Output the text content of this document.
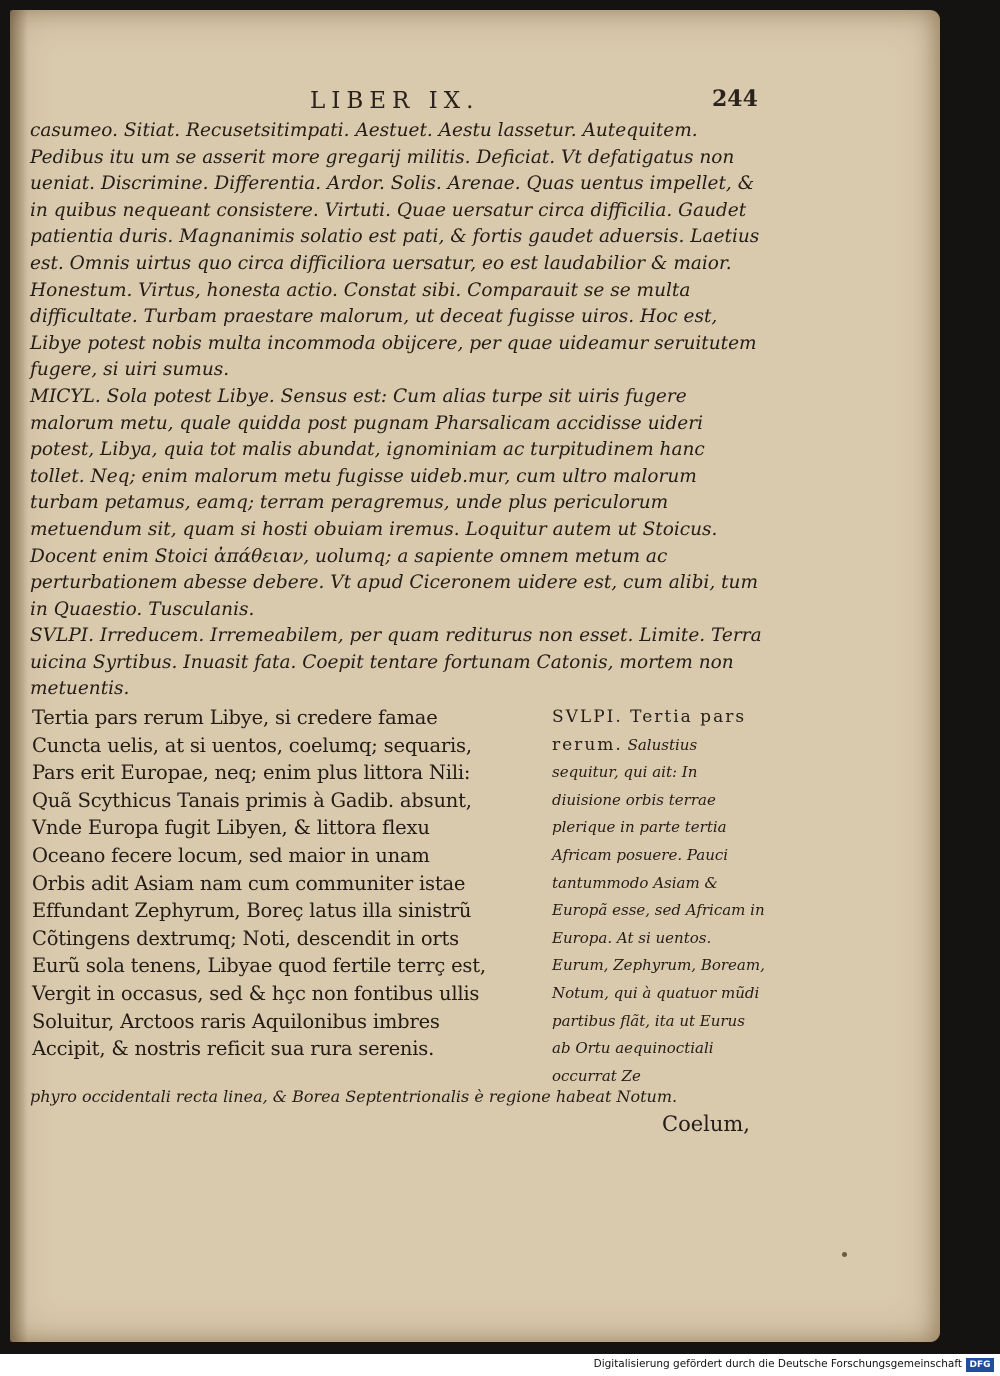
LIBER IX.	244

casumeo. Sitiat. Recusetsitimpati. Aestuet. Aestu lassetur. Autequitem. Pedibus itu um se asserit more gregarij militis. Deficiat. Vt defatigatus non ueniat. Discrimine. Differentia. Ardor. Solis. Arenae. Quas uentus impellet, & in quibus nequeant consistere. Virtuti. Quae uersatur circa difficilia. Gaudet patientia duris. Magnanimis solatio est pati, & fortis gaudet aduersis. Laetius est. Omnis uirtus quo circa difficiliora uersatur, eo est laudabilior & maior. Honestum. Virtus, honesta actio. Constat sibi. Comparauit se se multa difficultate. Turbam praestare malorum, ut deceat fugisse uiros. Hoc est, Libye potest nobis multa incommoda obijcere, per quae uideamur seruitutem fugere, si uiri sumus.

MICYL. Sola potest Libye. Sensus est: Cum alias turpe sit uiris fugere malorum metu, quale quidda post pugnam Pharsalicam accidisse uideri potest, Libya, quia tot malis abundat, ignominiam ac turpitudinem hanc tollet. Neq; enim malorum metu fugisse uideb.mur, cum ultro malorum turbam petamus, eamq; terram peragremus, unde plus periculorum metuendum sit, quam si hosti obuiam iremus. Loquitur autem ut Stoicus. Docent enim Stoici ἀπάθειαν, uolumq; a sapiente omnem metum ac perturbationem abesse debere. Vt apud Ciceronem uidere est, cum alibi, tum in Quaestio. Tusculanis.

SVLPI. Irreducem. Irremeabilem, per quam rediturus non esset. Limite. Terra uicina Syrtibus. Inuasit fata. Coepit tentare fortunam Catonis, mortem non metuentis.

Tertia pars rerum Libye, si credere famae
Cuncta uelis, at si uentos, coelumq; sequaris,
Pars erit Europae, neq; enim plus littora Nili:
Quã Scythicus Tanais primis à Gadib. absunt,
Vnde Europa fugit Libyen, & littora flexu
Oceano fecere locum, sed maior in unam
Orbis adit Asiam nam cum communiter istae
Effundant Zephyrum, Boreç latus illa sinistrũ
Cõtingens dextrumq; Noti, descendit in orts
Eurũ sola tenens, Libyae quod fertile terrç est,
Vergit in occasus, sed & hçc non fontibus ullis
Soluitur, Arctoos raris Aquilonibus imbres
Accipit, & nostris reficit sua rura serenis.
SVLPI. Tertia pars rerum. Salustius sequitur, qui ait: In diuisione orbis terrae plerique in parte tertia Africam posuere. Pauci tantummodo Asiam & Europã esse, sed Africam in Europa. At si uentos. Eurum, Zephyrum, Boream, Notum, qui à quatuor mũdi partibus flãt, ita ut Eurus ab Ortu aequinoctiali occurrat Ze
phyro occidentali recta linea, & Borea Septentrionalis è regione habeat Notum.
Coelum,
Digitalisierung gefördert durch die Deutsche Forschungsgemeinschaft DFG
